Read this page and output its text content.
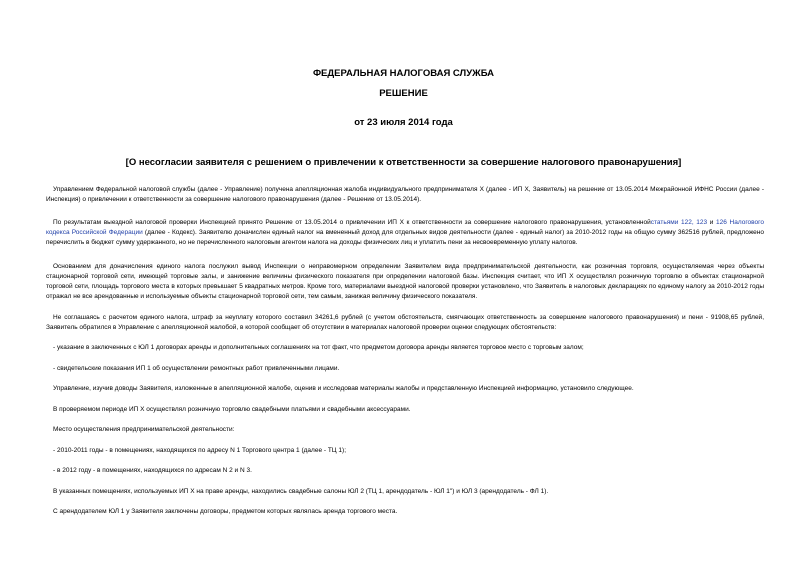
ФЕДЕРАЛЬНАЯ НАЛОГОВАЯ СЛУЖБА
РЕШЕНИЕ
от 23 июля 2014 года
[О несогласии заявителя с решением о привлечении к ответственности за совершение налогового правонарушения]

Управлением Федеральной налоговой службы (далее - Управление) получена апелляционная жалоба индивидуального предпринимателя Х (далее - ИП Х, Заявитель) на решение от 13.05.2014 Межрайонной ИФНС России (далее - Инспекция) о привлечении к ответственности за совершение налогового правонарушения (далее - Решение от 13.05.2014).

По результатам выездной налоговой проверки Инспекцией принято Решение от 13.05.2014 о привлечении ИП Х к ответственности за совершение налогового правонарушения, установленнойстатьями 122, 123 и 126 Налогового кодекса Российской Федерации (далее - Кодекс). Заявителю доначислен единый налог на вмененный доход для отдельных видов деятельности (далее - единый налог) за 2010-2012 годы на общую сумму 362516 рублей, предложено перечислить в бюджет сумму удержанного, но не перечисленного налоговым агентом налога на доходы физических лиц и уплатить пени за несвоевременную уплату налогов.

Основанием для доначисления единого налога послужил вывод Инспекции о неправомерном определении Заявителем вида предпринимательской деятельности, как розничная торговля, осуществляемая через объекты стационарной торговой сети, имеющей торговые залы, и занижение величины физического показателя при определении налоговой базы. Инспекция считает, что ИП Х осуществлял розничную торговлю в объектах стационарной торговой сети, площадь торгового места в которых превышает 5 квадратных метров. Кроме того, материалами выездной налоговой проверки установлено, что Заявитель в налоговых декларациях по единому налогу за 2010-2012 годы отражал не все арендованные и используемые объекты стационарной торговой сети, тем самым, занижая величину физического показателя.

Не соглашаясь с расчетом единого налога, штраф за неуплату которого составил 34261,6 рублей (с учетом обстоятельств, смягчающих ответственность за совершение налогового правонарушения) и пени - 91908,65 рублей, Заявитель обратился в Управление с апелляционной жалобой, в которой сообщает об отсутствии в материалах налоговой проверки оценки следующих обстоятельств:

- указание в заключенных с ЮЛ 1 договорах аренды и дополнительных соглашениях на тот факт, что предметом договора аренды является торговое место с торговым залом;

- свидетельские показания ИП 1 об осуществлении ремонтных работ привлеченными лицами.

Управление, изучив доводы Заявителя, изложенные в апелляционной жалобе, оценив и исследовав материалы жалобы и представленную Инспекцией информацию, установило следующее.

В проверяемом периоде ИП Х осуществлял розничную торговлю свадебными платьями и свадебными аксессуарами.

Место осуществления предпринимательской деятельности:

- 2010-2011 годы - в помещениях, находящихся по адресу N 1 Торгового центра 1 (далее - ТЦ 1);

- в 2012 году - в помещениях, находящихся по адресам N 2 и N 3.

В указанных помещениях, используемых ИП Х на праве аренды, находились свадебные салоны ЮЛ 2 (ТЦ 1, арендодатель - ЮЛ 1") и ЮЛ 3 (арендодатель - ФЛ 1).

С арендодателем ЮЛ 1 у Заявителя заключены договоры, предметом которых являлась аренда торгового места.
